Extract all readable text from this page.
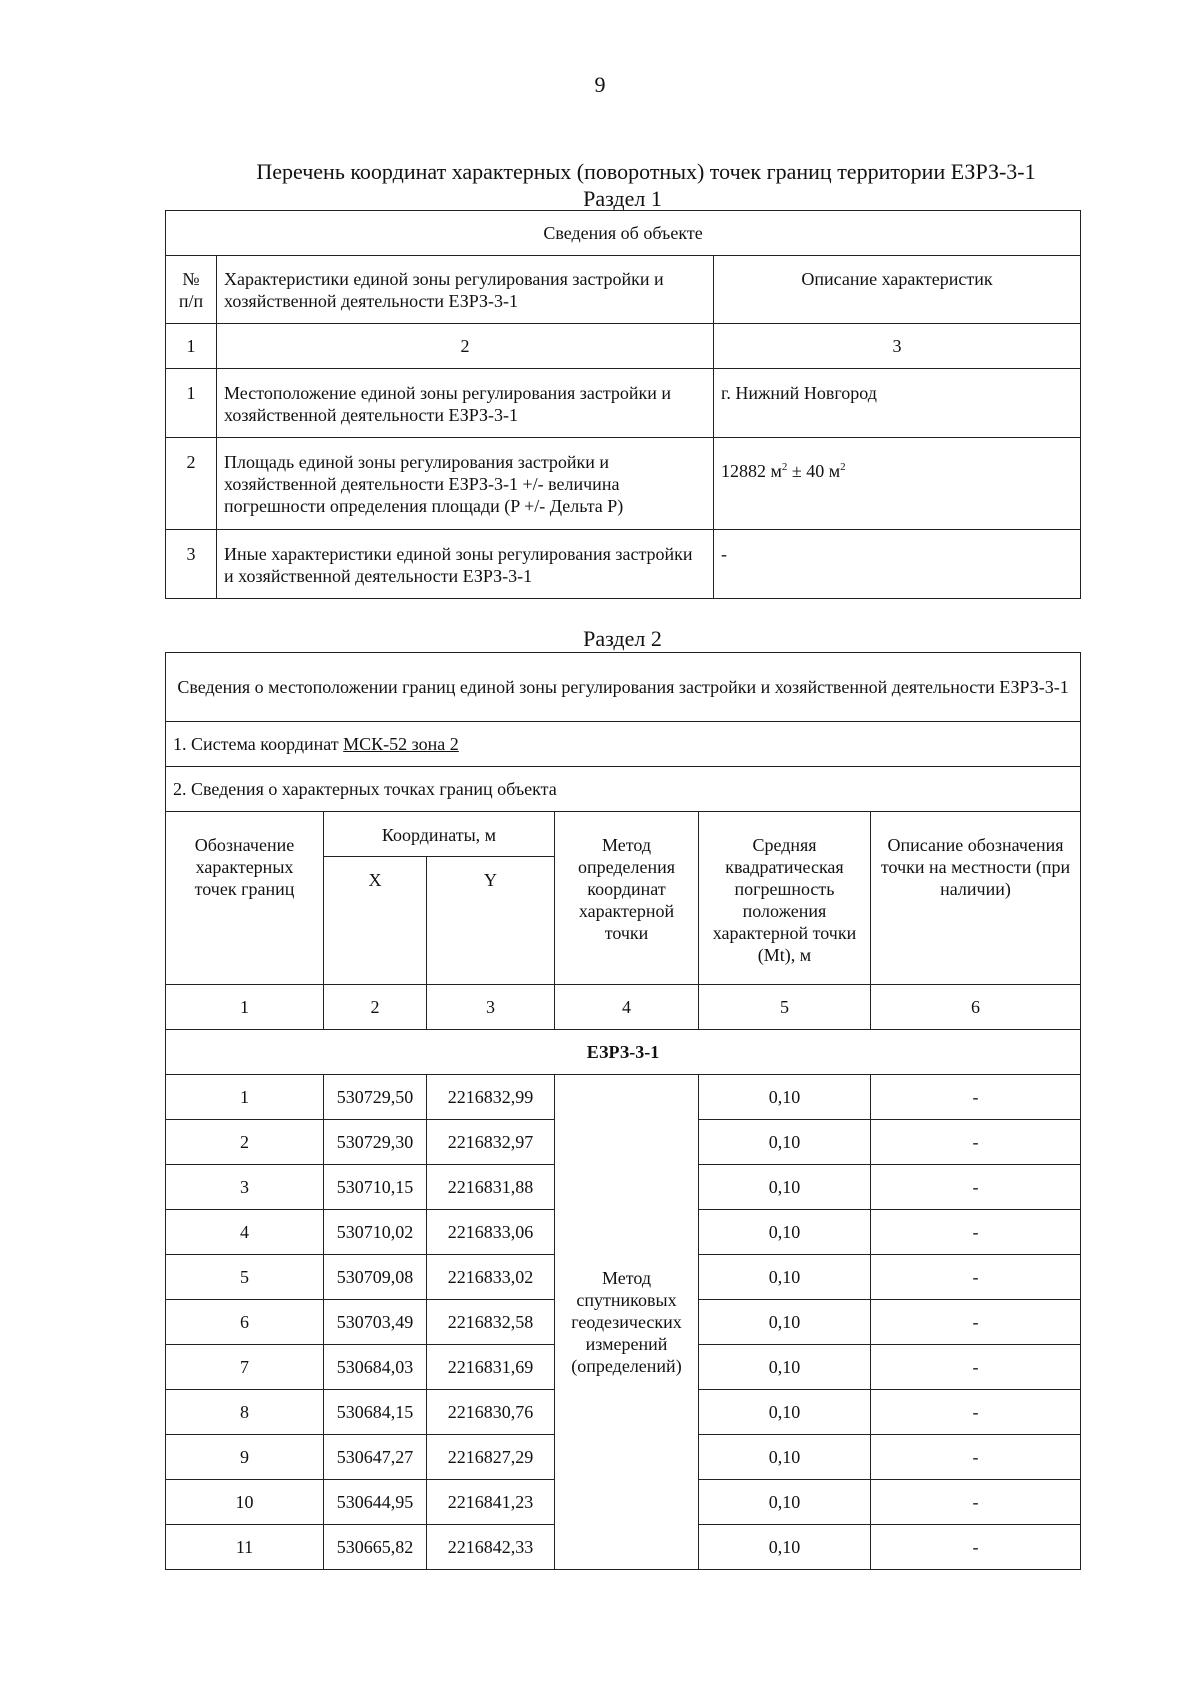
9
Перечень координат характерных (поворотных) точек границ территории ЕЗРЗ-3-1
Раздел 1
Сведения об объекте		
№ п/п	Характеристики единой зоны регулирования застройки и хозяйственной деятельности ЕЗРЗ-3-1	Описание характеристик
1	2	3
1	Местоположение единой зоны регулирования застройки и хозяйственной деятельности ЕЗРЗ-3-1	г. Нижний Новгород
2	Площадь единой зоны регулирования застройки и хозяйственной деятельности ЕЗРЗ-3-1 +/- величина погрешности определения площади (P +/- Дельта P)	12882 $м^2 \pm 40$ $м^2$
3	Иные характеристики единой зоны регулирования застройки и хозяйственной деятельности ЕЗРЗ-3-1	-
Раздел 2
Сведения о местоположении границ единой зоны регулирования застройки и хозяйственной деятельности ЕЗРЗ-3-1					
1. Система координат МСК-52 зона 2					
2. Сведения о характерных точках границ объекта					
Обозначение характерных точек границ	Координаты, м		Метод определения координат характерной точки	Средняя квадратическая погрешность положения характерной точки (Mt), м	Описание обозначения точки на местности (при наличии)
	X	Y			
1	2	3	4	5	6
ЕЗРЗ-3-1					
1	530729,50	2216832,99	Метод спутниковых геодезических измерений (определений)	0,10	-
2	530729,30	2216832,97		0,10	-
3	530710,15	2216831,88		0,10	-
4	530710,02	2216833,06		0,10	-
5	530709,08	2216833,02		0,10	-
6	530703,49	2216832,58		0,10	-
7	530684,03	2216831,69		0,10	-
8	530684,15	2216830,76		0,10	-
9	530647,27	2216827,29		0,10	-
10	530644,95	2216841,23		0,10	-
11	530665,82	2216842,33		0,10	-
